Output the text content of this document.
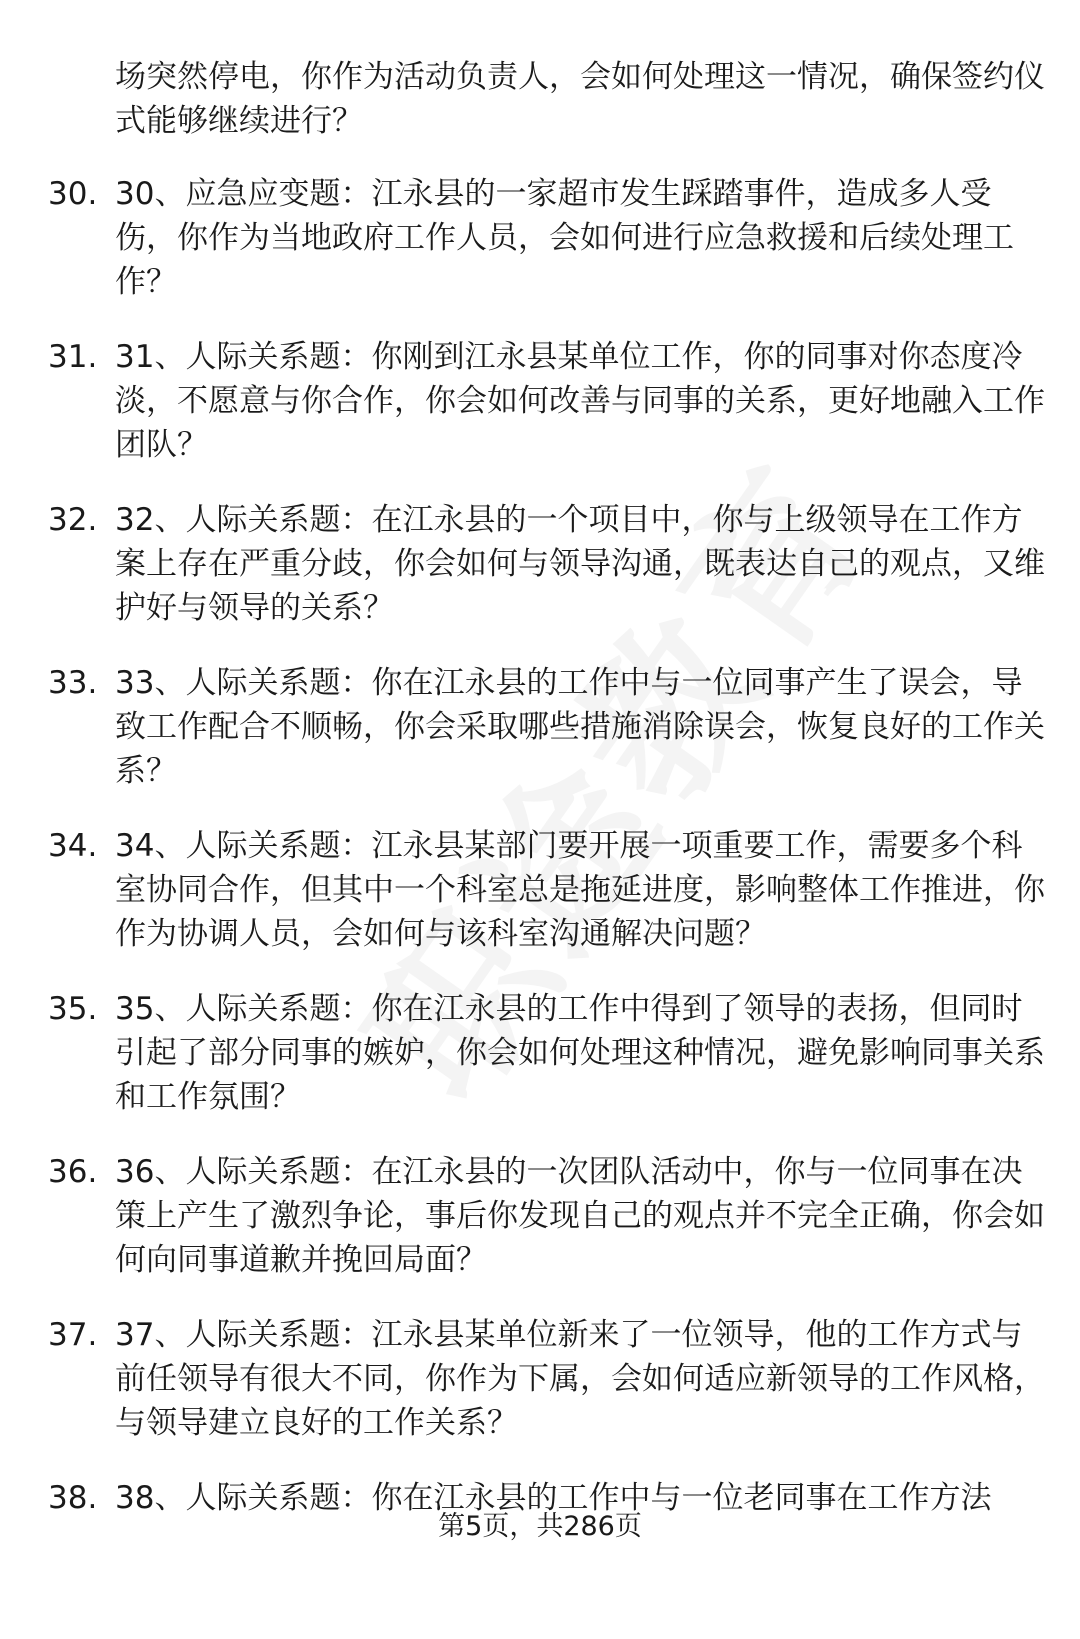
场突然停电，你作为活动负责人，会如何处理这一情况，确保签约仪式能够继续进行？
30. 30、应急应变题：江永县的一家超市发生踩踏事件，造成多人受伤，你作为当地政府工作人员，会如何进行应急救援和后续处理工作？
31. 31、人际关系题：你刚到江永县某单位工作，你的同事对你态度冷淡，不愿意与你合作，你会如何改善与同事的关系，更好地融入工作团队？
32. 32、人际关系题：在江永县的一个项目中，你与上级领导在工作方案上存在严重分歧，你会如何与领导沟通，既表达自己的观点，又维护好与领导的关系？
33. 33、人际关系题：你在江永县的工作中与一位同事产生了误会，导致工作配合不顺畅，你会采取哪些措施消除误会，恢复良好的工作关系？
34. 34、人际关系题：江永县某部门要开展一项重要工作，需要多个科室协同合作，但其中一个科室总是拖延进度，影响整体工作推进，你作为协调人员，会如何与该科室沟通解决问题？
35. 35、人际关系题：你在江永县的工作中得到了领导的表扬，但同时引起了部分同事的嫉妒，你会如何处理这种情况，避免影响同事关系和工作氛围？
36. 36、人际关系题：在江永县的一次团队活动中，你与一位同事在决策上产生了激烈争论，事后你发现自己的观点并不完全正确，你会如何向同事道歉并挽回局面？
37. 37、人际关系题：江永县某单位新来了一位领导，他的工作方式与前任领导有很大不同，你作为下属，会如何适应新领导的工作风格，与领导建立良好的工作关系？
38. 38、人际关系题：你在江永县的工作中与一位老同事在工作方法
第5页，共286页
